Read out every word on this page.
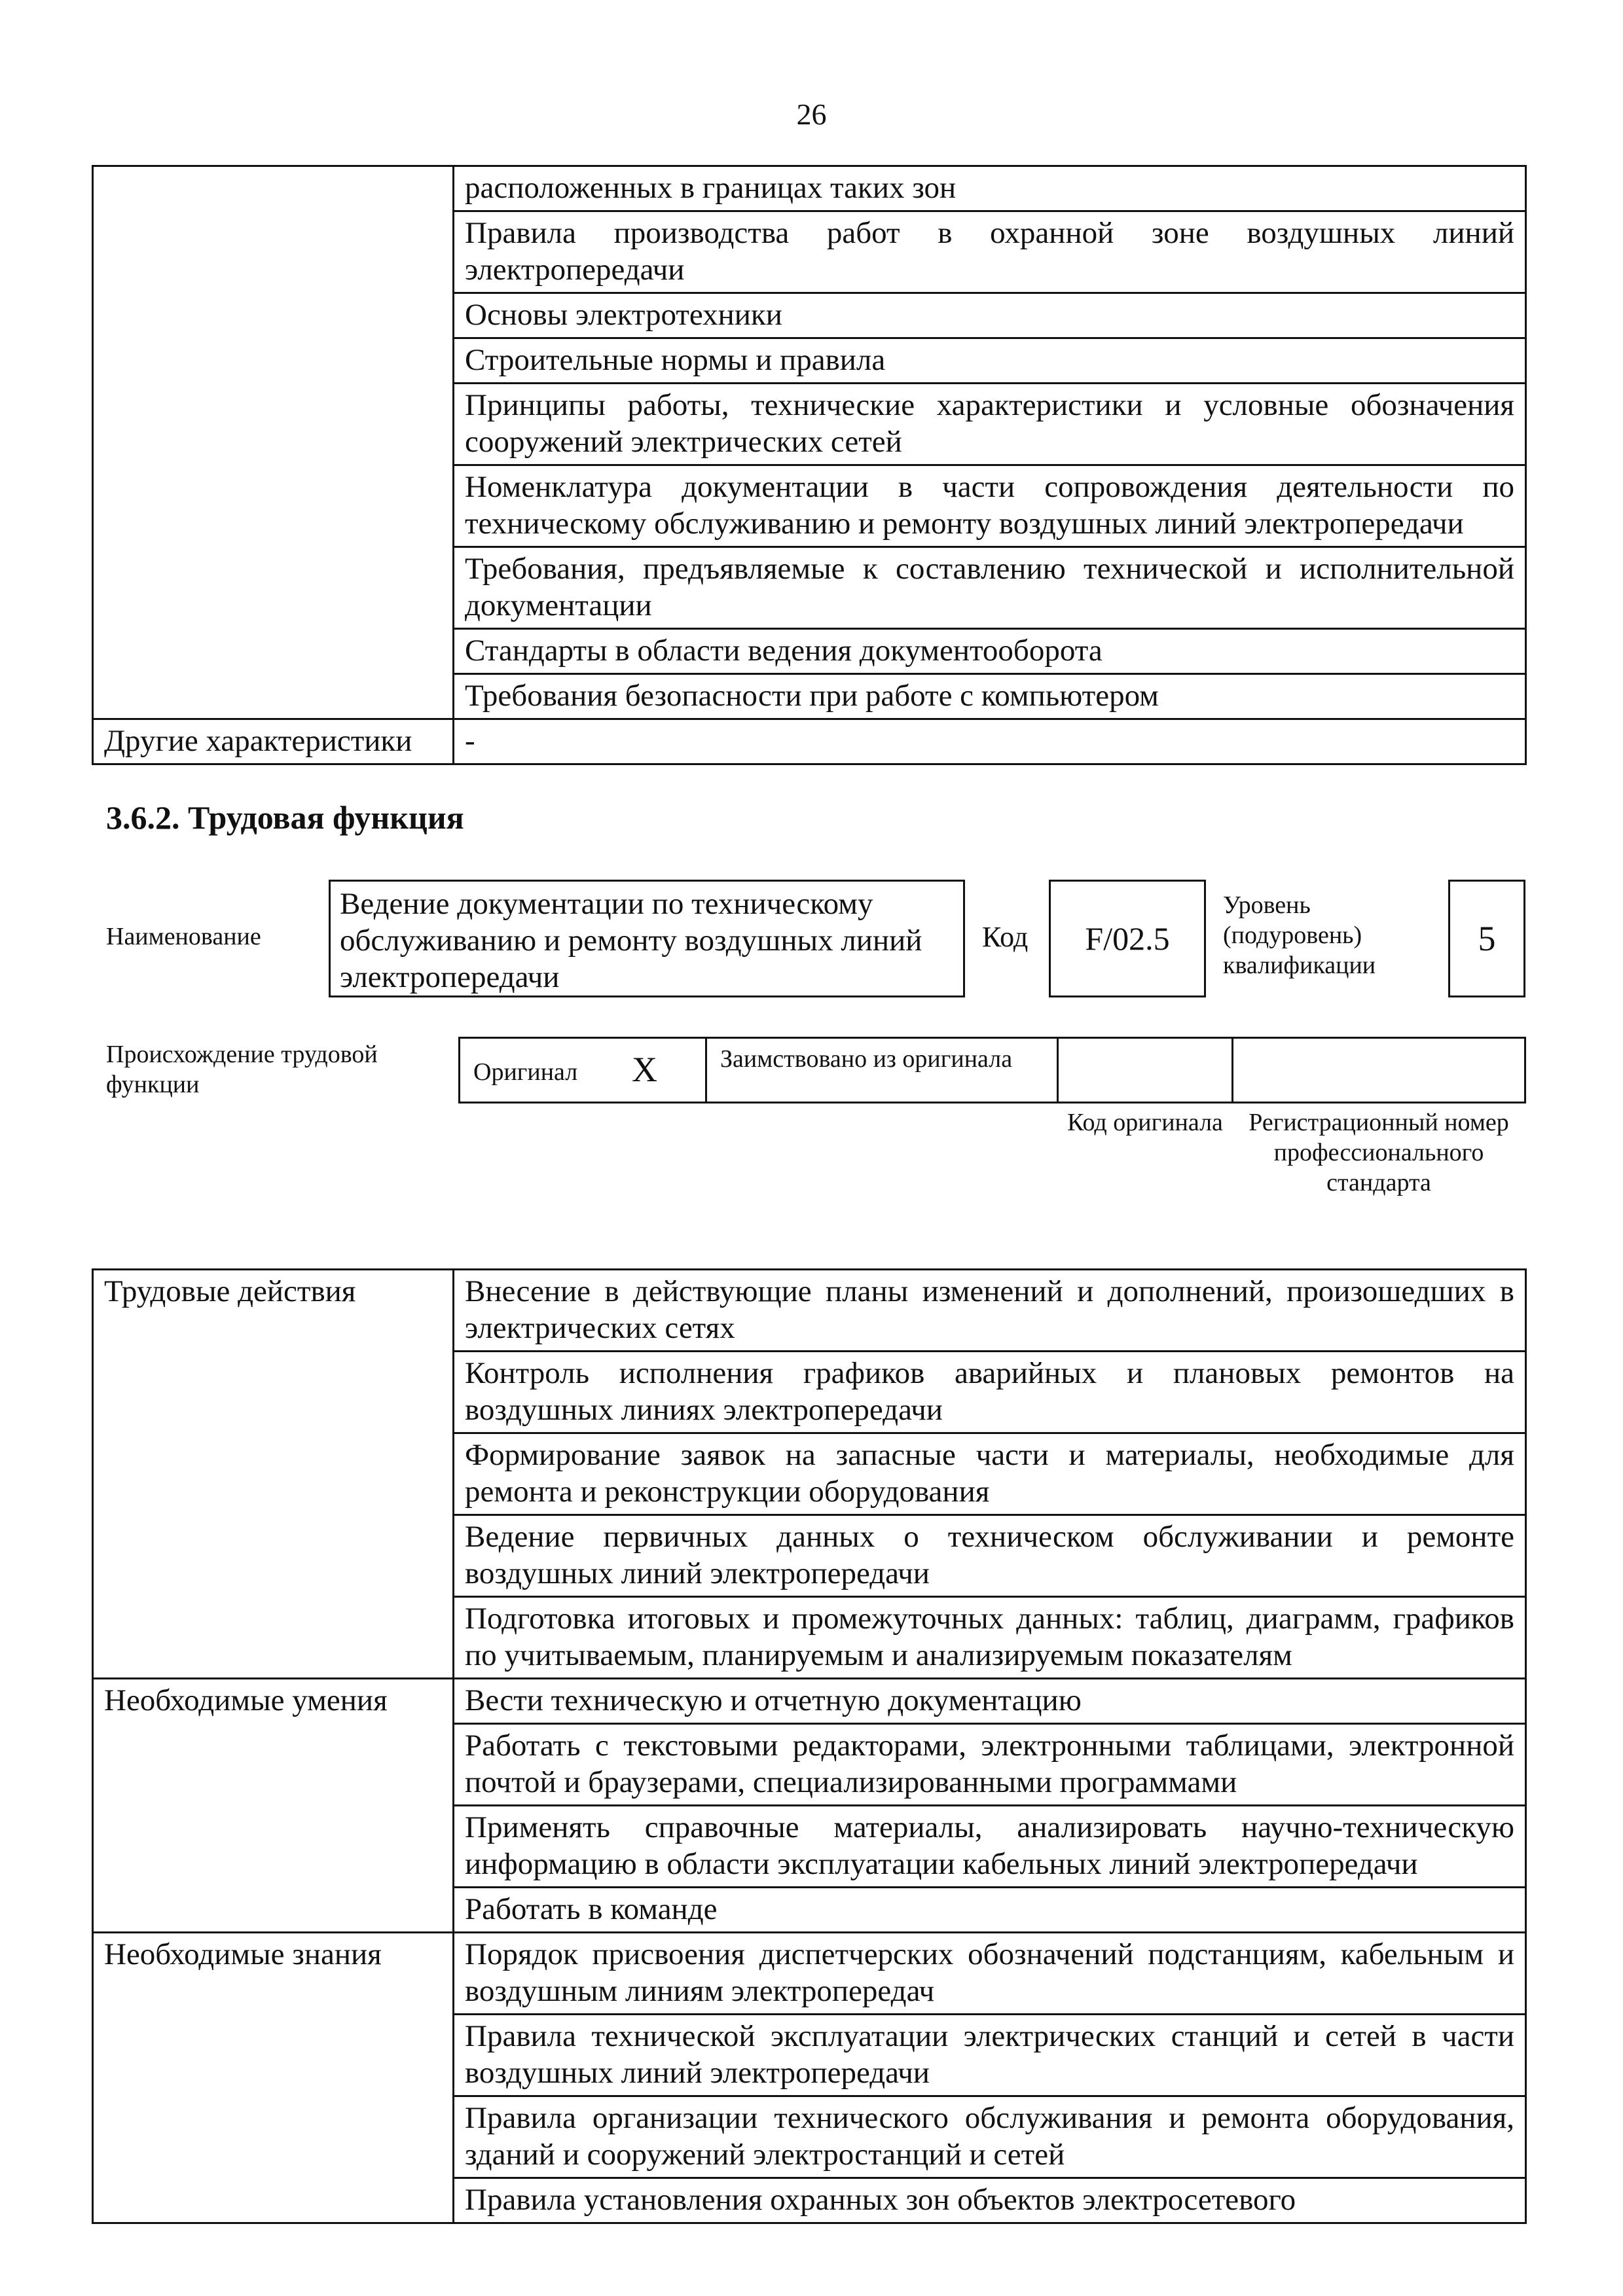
26
	расположенных в границах таких зон
	Правила производства работ в охранной зоне воздушных линий электропередачи
	Основы электротехники
	Строительные нормы и правила
	Принципы работы, технические характеристики и условные обозначения сооружений электрических сетей
	Номенклатура документации в части сопровождения деятельности по техническому обслуживанию и ремонту воздушных линий электропередачи
	Требования, предъявляемые к составлению технической и исполнительной документации
	Стандарты в области ведения документооборота
	Требования безопасности при работе с компьютером
Другие характеристики	-
3.6.2. Трудовая функция
Наименование
Ведение документации по техническому обслуживанию и ремонту воздушных линий электропередачи
Код	F/02.5
Уровень (подуровень) квалификации
5
Происхождение трудовой функции	Оригинал X	Заимствовано из оригинала
Код оригинала	Регистрационный номер профессионального стандарта
Трудовые действия	Внесение в действующие планы изменений и дополнений, произошедших в электрических сетях
	Контроль исполнения графиков аварийных и плановых ремонтов на воздушных линиях электропередачи
	Формирование заявок на запасные части и материалы, необходимые для ремонта и реконструкции оборудования
	Ведение первичных данных о техническом обслуживании и ремонте воздушных линий электропередачи
	Подготовка итоговых и промежуточных данных: таблиц, диаграмм, графиков по учитываемым, планируемым и анализируемым показателям
Необходимые умения	Вести техническую и отчетную документацию
	Работать с текстовыми редакторами, электронными таблицами, электронной почтой и браузерами, специализированными программами
	Применять справочные материалы, анализировать научно-техническую информацию в области эксплуатации кабельных линий электропередачи
	Работать в команде
Необходимые знания	Порядок присвоения диспетчерских обозначений подстанциям, кабельным и воздушным линиям электропередач
	Правила технической эксплуатации электрических станций и сетей в части воздушных линий электропередачи
	Правила организации технического обслуживания и ремонта оборудования, зданий и сооружений электростанций и сетей
	Правила установления охранных зон объектов электросетевого
